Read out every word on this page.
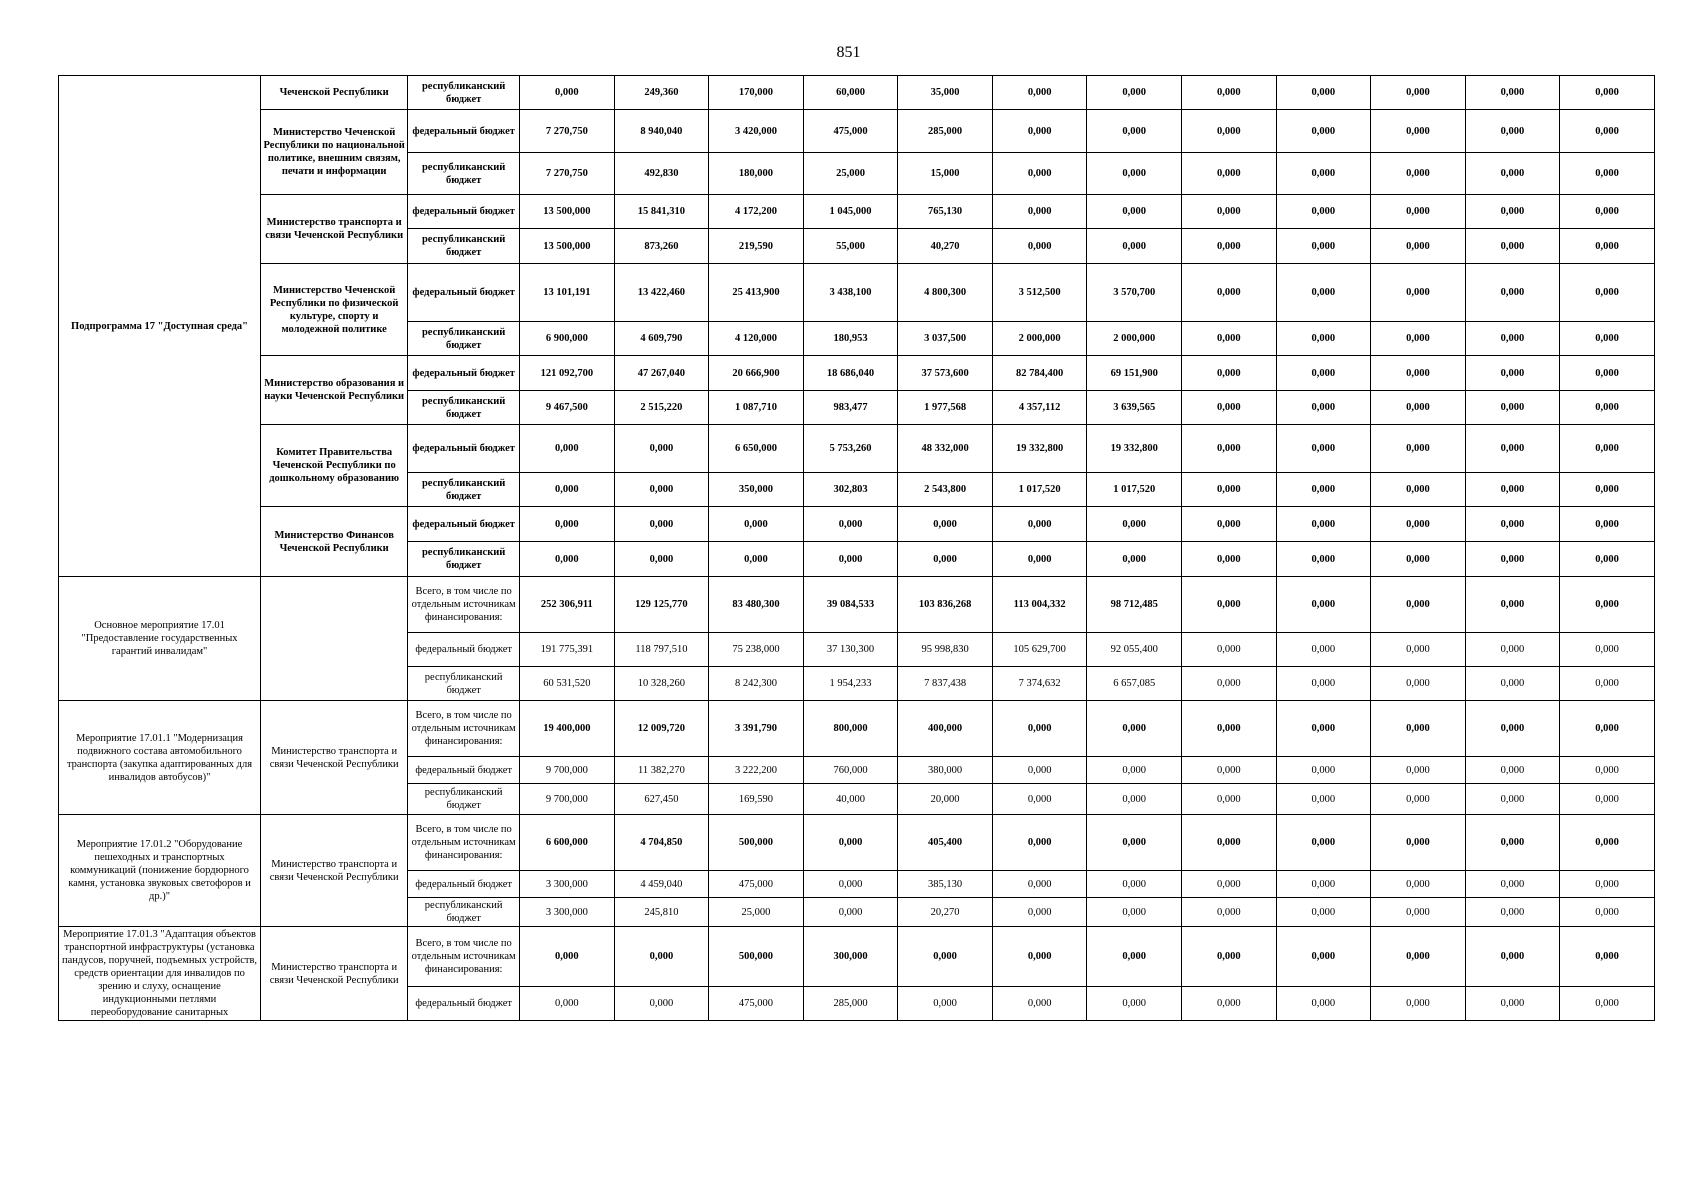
851
Подпрограмма 17 "Доступная среда"	Чеченской Республики	республиканский бюджет	0,000	249,360	170,000	60,000	35,000	0,000	0,000	0,000	0,000	0,000	0,000	0,000
	Министерство Чеченской Республики по национальной политике, внешним связям, печати и информации	федеральный бюджет	7 270,750	8 940,040	3 420,000	475,000	285,000	0,000	0,000	0,000	0,000	0,000	0,000	0,000
		республиканский бюджет	7 270,750	492,830	180,000	25,000	15,000	0,000	0,000	0,000	0,000	0,000	0,000	0,000
	Министерство транспорта и связи Чеченской Республики	федеральный бюджет	13 500,000	15 841,310	4 172,200	1 045,000	765,130	0,000	0,000	0,000	0,000	0,000	0,000	0,000
		республиканский бюджет	13 500,000	873,260	219,590	55,000	40,270	0,000	0,000	0,000	0,000	0,000	0,000	0,000
	Министерство Чеченской Республики по физической культуре, спорту и молодежной политике	федеральный бюджет	13 101,191	13 422,460	25 413,900	3 438,100	4 800,300	3 512,500	3 570,700	0,000	0,000	0,000	0,000	0,000
		республиканский бюджет	6 900,000	4 609,790	4 120,000	180,953	3 037,500	2 000,000	2 000,000	0,000	0,000	0,000	0,000	0,000
	Министерство образования и науки Чеченской Республики	федеральный бюджет	121 092,700	47 267,040	20 666,900	18 686,040	37 573,600	82 784,400	69 151,900	0,000	0,000	0,000	0,000	0,000
		республиканский бюджет	9 467,500	2 515,220	1 087,710	983,477	1 977,568	4 357,112	3 639,565	0,000	0,000	0,000	0,000	0,000
	Комитет Правительства Чеченской Республики по дошкольному образованию	федеральный бюджет	0,000	0,000	6 650,000	5 753,260	48 332,000	19 332,800	19 332,800	0,000	0,000	0,000	0,000	0,000
		республиканский бюджет	0,000	0,000	350,000	302,803	2 543,800	1 017,520	1 017,520	0,000	0,000	0,000	0,000	0,000
	Министерство Финансов Чеченской Республики	федеральный бюджет	0,000	0,000	0,000	0,000	0,000	0,000	0,000	0,000	0,000	0,000	0,000	0,000
		республиканский бюджет	0,000	0,000	0,000	0,000	0,000	0,000	0,000	0,000	0,000	0,000	0,000	0,000
Основное мероприятие 17.01 "Предоставление государственных гарантий инвалидам"		Всего, в том числе по отдельным источникам финансирования:	252 306,911	129 125,770	83 480,300	39 084,533	103 836,268	113 004,332	98 712,485	0,000	0,000	0,000	0,000	0,000
		федеральный бюджет	191 775,391	118 797,510	75 238,000	37 130,300	95 998,830	105 629,700	92 055,400	0,000	0,000	0,000	0,000	0,000
		республиканский бюджет	60 531,520	10 328,260	8 242,300	1 954,233	7 837,438	7 374,632	6 657,085	0,000	0,000	0,000	0,000	0,000
Мероприятие 17.01.1 "Модернизация подвижного состава автомобильного транспорта (закупка адаптированных для инвалидов автобусов)"	Министерство транспорта и связи Чеченской Республики	Всего, в том числе по отдельным источникам финансирования:	19 400,000	12 009,720	3 391,790	800,000	400,000	0,000	0,000	0,000	0,000	0,000	0,000	0,000
		федеральный бюджет	9 700,000	11 382,270	3 222,200	760,000	380,000	0,000	0,000	0,000	0,000	0,000	0,000	0,000
		республиканский бюджет	9 700,000	627,450	169,590	40,000	20,000	0,000	0,000	0,000	0,000	0,000	0,000	0,000
Мероприятие 17.01.2 "Оборудование пешеходных и транспортных коммуникаций (понижение бордюрного камня, установка звуковых светофоров и др.)"	Министерство транспорта и связи Чеченской Республики	Всего, в том числе по отдельным источникам финансирования:	6 600,000	4 704,850	500,000	0,000	405,400	0,000	0,000	0,000	0,000	0,000	0,000	0,000
		федеральный бюджет	3 300,000	4 459,040	475,000	0,000	385,130	0,000	0,000	0,000	0,000	0,000	0,000	0,000
		республиканский бюджет	3 300,000	245,810	25,000	0,000	20,270	0,000	0,000	0,000	0,000	0,000	0,000	0,000
Мероприятие 17.01.3 "Адаптация объектов транспортной инфраструктуры (установка пандусов, поручней, подъемных устройств, средств ориентации для инвалидов по зрению и слуху, оснащение индукционными петлями переоборудование санитарных	Министерство транспорта и связи Чеченской Республики	Всего, в том числе по отдельным источникам финансирования:	0,000	0,000	500,000	300,000	0,000	0,000	0,000	0,000	0,000	0,000	0,000	0,000
		федеральный бюджет	0,000	0,000	475,000	285,000	0,000	0,000	0,000	0,000	0,000	0,000	0,000	0,000
